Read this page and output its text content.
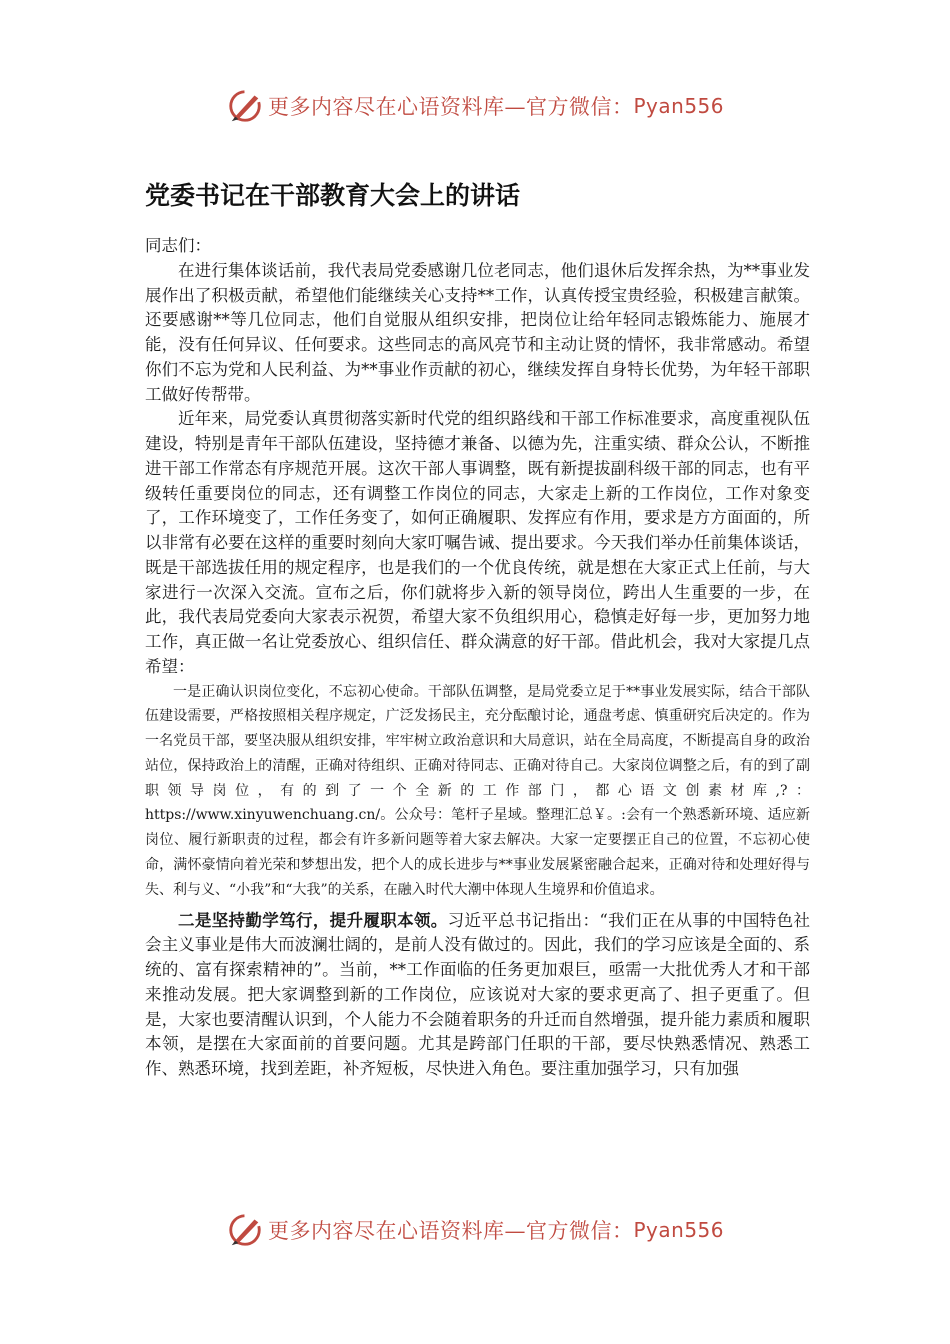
更多内容尽在心语资料库—官方微信： Pyan556
党委书记在干部教育大会上的讲话

同志们：

在进行集体谈话前，我代表局党委感谢几位老同志，他们退休后发挥余热，为**事业发展作出了积极贡献，希望他们能继续关心支持**工作，认真传授宝贵经验，积极建言献策。还要感谢**等几位同志，他们自觉服从组织安排，把岗位让给年轻同志锻炼能力、施展才能，没有任何异议、任何要求。这些同志的高风亮节和主动让贤的情怀，我非常感动。希望你们不忘为党和人民利益、为**事业作贡献的初心，继续发挥自身特长优势，为年轻干部职工做好传帮带。

近年来，局党委认真贯彻落实新时代党的组织路线和干部工作标准要求，高度重视队伍建设，特别是青年干部队伍建设，坚持德才兼备、以德为先，注重实绩、群众公认，不断推进干部工作常态有序规范开展。这次干部人事调整，既有新提拔副科级干部的同志，也有平级转任重要岗位的同志，还有调整工作岗位的同志，大家走上新的工作岗位，工作对象变了，工作环境变了，工作任务变了，如何正确履职、发挥应有作用，要求是方方面面的，所以非常有必要在这样的重要时刻向大家叮嘱告诫、提出要求。今天我们举办任前集体谈话，既是干部选拔任用的规定程序，也是我们的一个优良传统，就是想在大家正式上任前，与大家进行一次深入交流。宣布之后，你们就将步入新的领导岗位，跨出人生重要的一步，在此，我代表局党委向大家表示祝贺，希望大家不负组织用心，稳慎走好每一步，更加努力地工作，真正做一名让党委放心、组织信任、群众满意的好干部。借此机会，我对大家提几点希望：

一是正确认识岗位变化，不忘初心使命。干部队伍调整，是局党委立足于**事业发展实际，结合干部队伍建设需要，严格按照相关程序规定，广泛发扬民主，充分酝酿讨论，通盘考虑、慎重研究后决定的。作为一名党员干部，要坚决服从组织安排，牢牢树立政治意识和大局意识，站在全局高度，不断提高自身的政治站位，保持政治上的清醒，正确对待组织、正确对待同志、正确对待自己。大家岗位调整之后，有的到了副职领导岗位，有的到了一个全新的工作部门，都心语文创素材库,?：https://www.xinyuwenchuang.cn/。公众号：笔杆子星域。整理汇总￥。:会有一个熟悉新环境、适应新岗位、履行新职责的过程，都会有许多新问题等着大家去解决。大家一定要摆正自己的位置，不忘初心使命，满怀豪情向着光荣和梦想出发，把个人的成长进步与**事业发展紧密融合起来，正确对待和处理好得与失、利与义、“小我”和“大我”的关系，在融入时代大潮中体现人生境界和价值追求。

二是坚持勤学笃行，提升履职本领。习近平总书记指出：“我们正在从事的中国特色社会主义事业是伟大而波澜壮阔的，是前人没有做过的。因此，我们的学习应该是全面的、系统的、富有探索精神的”。当前，**工作面临的任务更加艰巨，亟需一大批优秀人才和干部来推动发展。把大家调整到新的工作岗位，应该说对大家的要求更高了、担子更重了。但是，大家也要清醒认识到，个人能力不会随着职务的升迁而自然增强，提升能力素质和履职本领，是摆在大家面前的首要问题。尤其是跨部门任职的干部，要尽快熟悉情况、熟悉工作、熟悉环境，找到差距，补齐短板，尽快进入角色。要注重加强学习，只有加强

更多内容尽在心语资料库—官方微信： Pyan556
